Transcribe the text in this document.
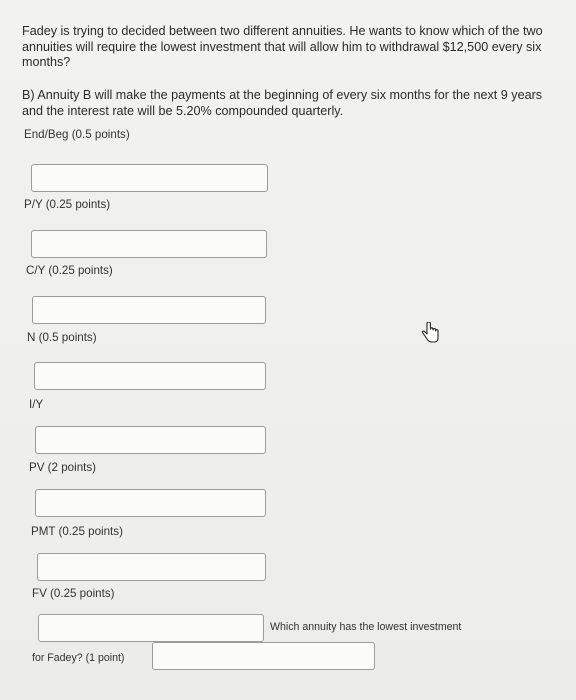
Fadey is trying to decided between two different annuities. He wants to know which of the two annuities will require the lowest investment that will allow him to withdrawal $12,500 every six months?
B) Annuity B will make the payments at the beginning of every six months for the next 9 years and the interest rate will be 5.20% compounded quarterly.
End/Beg (0.5 points)
P/Y (0.25 points)
C/Y (0.25 points)
N (0.5 points)
I/Y
PV (2 points)
PMT (0.25 points)
FV (0.25 points)
Which annuity has the lowest investment
for Fadey? (1 point)
